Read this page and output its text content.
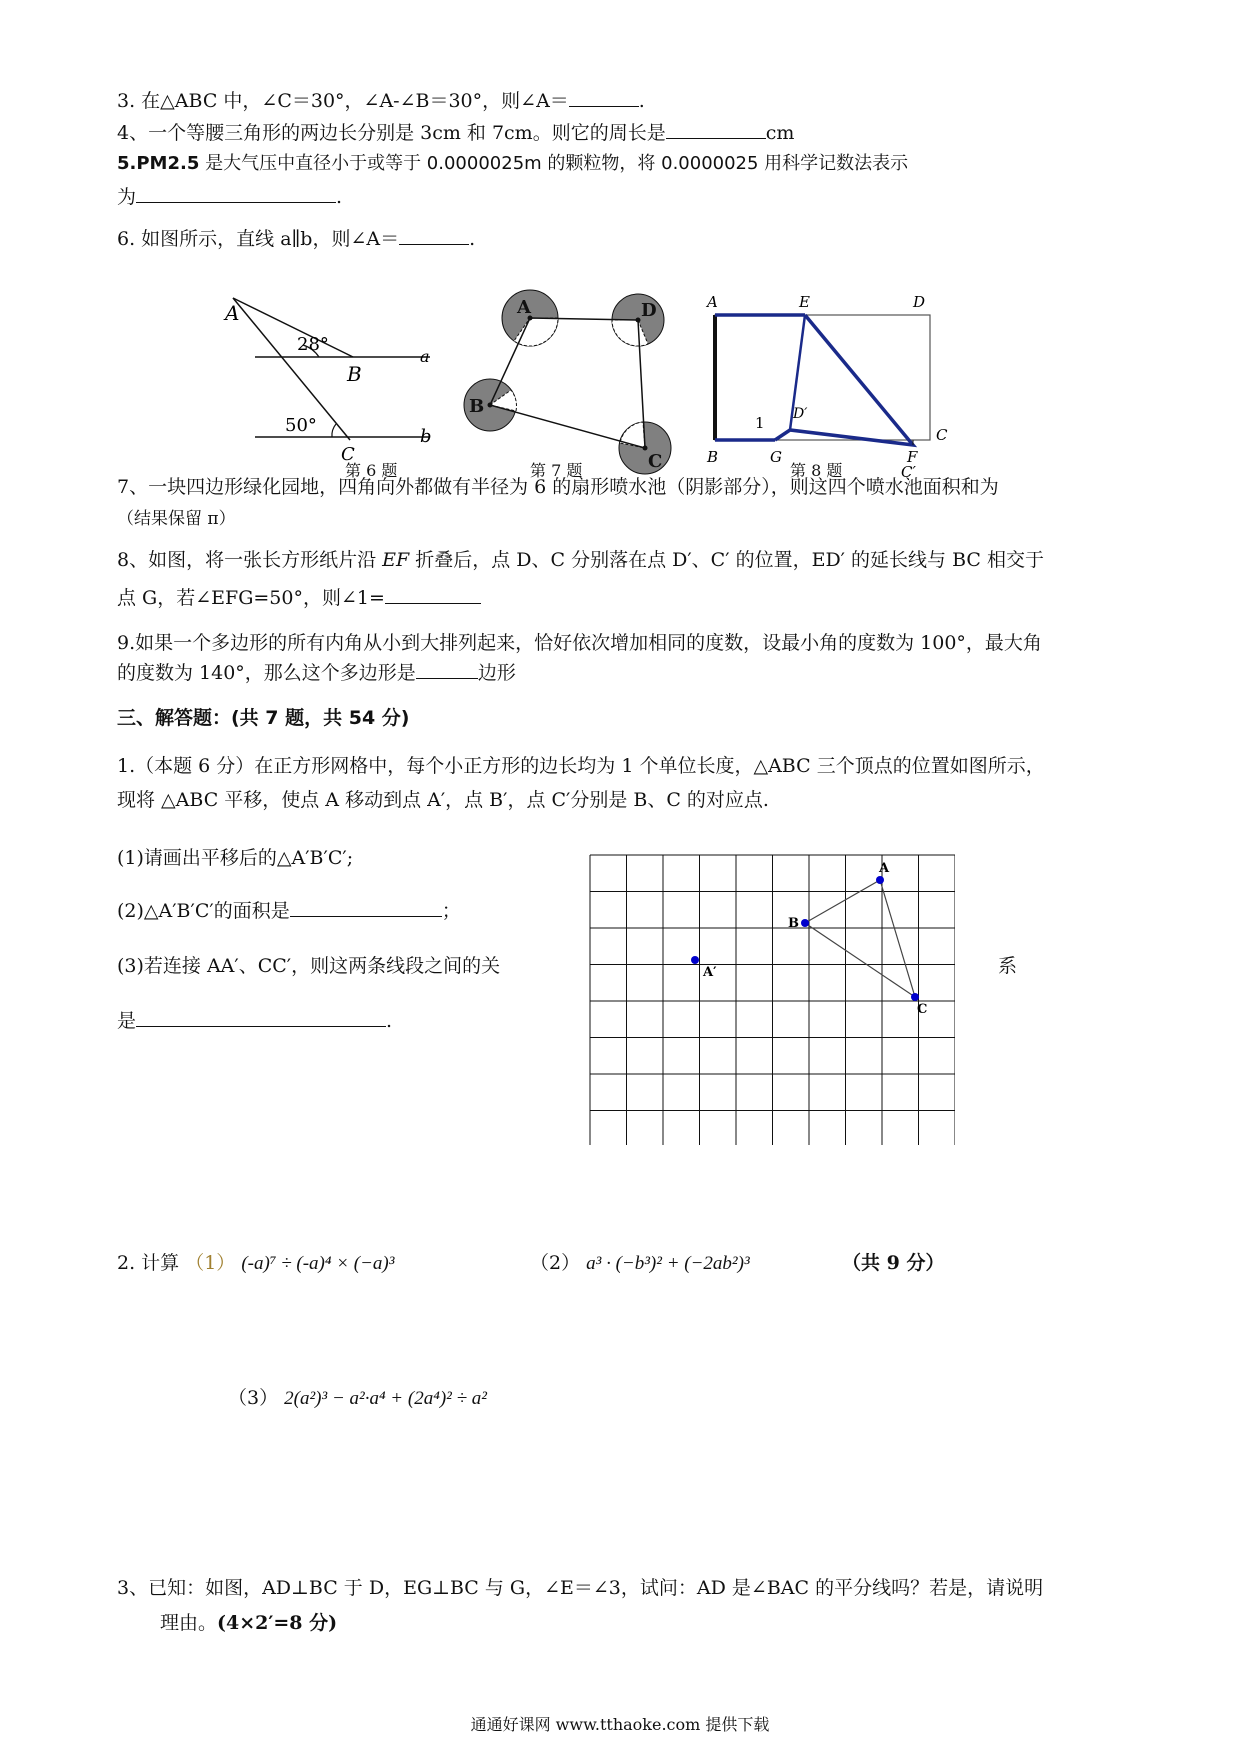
3. 在△ABC 中，∠C＝30°，∠A-∠B＝30°，则∠A＝	.
4、一个等腰三角形的两边长分别是 3cm 和 7cm。则它的周长是	cm
5.PM2.5 是大气压中直径小于或等于 0.0000025m 的颗粒物，将 0.0000025 用科学记数法表示
为	.
6. 如图所示，直线 a∥b，则∠A＝	.
A
28°
B
a
50°
b
C
第 6 题
A	D
B
C
第 7 题
A	E	D
D′
1
C
B	G	F
C′
第 8 题
7、一块四边形绿化园地，四角向外都做有半径为 6 的扇形喷水池（阴影部分），则这四个喷水池面积和为
（结果保留 π）
8、如图，将一张长方形纸片沿 EF 折叠后，点 D、C 分别落在点 D′、C′ 的位置，ED′ 的延长线与 BC 相交于
点 G，若∠EFG=50°，则∠1=
9.如果一个多边形的所有内角从小到大排列起来，恰好依次增加相同的度数，设最小角的度数为 100°，最大角
的度数为 140°，那么这个多边形是	边形
三、解答题：(共 7 题，共 54 分)
1.（本题 6 分）在正方形网格中，每个小正方形的边长均为 1 个单位长度，△ABC 三个顶点的位置如图所示，
现将 △ABC 平移，使点 A 移动到点 A′，点 B′，点 C′分别是 B、C 的对应点.
(1)请画出平移后的△A′B′C′;
(2)△A′B′C′的面积是	；
(3)若连接 AA′、CC′，则这两条线段之间的关	系
是	.
A
B
C
A′
2. 计算 （1） (-a)⁷ ÷ (-a)⁴ × (−a)³	（2） a³ · (−b³)² + (−2ab²)³	（共 9 分）
（3） 2(a²)³ − a²·a⁴ + (2a⁴)² ÷ a²
3、已知：如图，AD⊥BC 于 D，EG⊥BC 与 G，∠E＝∠3，试问：AD 是∠BAC 的平分线吗？若是，请说明
理由。(4×2′=8 分)
通通好课网 www.tthaoke.com 提供下载
